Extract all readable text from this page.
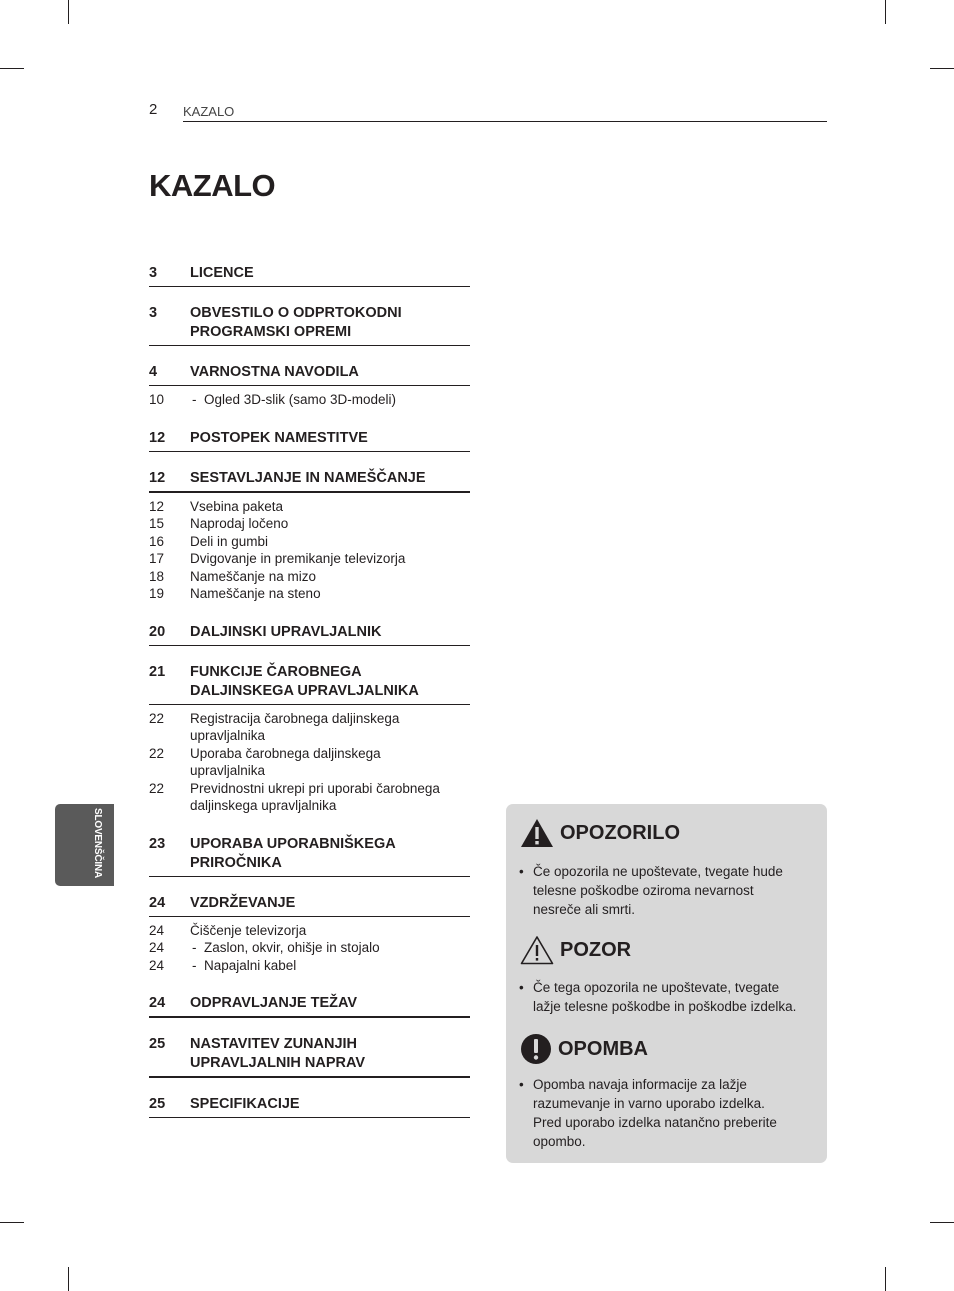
2 KAZALO
KAZALO
3	LICENCE
3	OBVESTILO O ODPRTOKODNI
PROGRAMSKI OPREMI
4	VARNOSTNA NAVODILA
10	- Ogled 3D-slik (samo 3D-modeli)
12	POSTOPEK NAMESTITVE
12	SESTAVLJANJE IN NAMEŠČANJE
12	Vsebina paketa
15	Naprodaj ločeno
16	Deli in gumbi
17	Dvigovanje in premikanje televizorja
18	Nameščanje na mizo
19	Nameščanje na steno
20	DALJINSKI UPRAVLJALNIK
21	FUNKCIJE ČAROBNEGA
DALJINSKEGA UPRAVLJALNIKA
22	Registracija čarobnega daljinskega
upravljalnika
22	Uporaba čarobnega daljinskega
upravljalnika
22	Previdnostni ukrepi pri uporabi čarobnega
daljinskega upravljalnika
23	UPORABA UPORABNIŠKEGA
PRIROČNIKA
24	VZDRŽEVANJE
24	Čiščenje televizorja
24	- Zaslon, okvir, ohišje in stojalo
24	- Napajalni kabel
24	ODPRAVLJANJE TEŽAV
25	NASTAVITEV ZUNANJIH
UPRAVLJALNIH NAPRAV
25	SPECIFIKACIJE
SLOVENŠČINA	OPOZORILO
• Če opozorila ne upoštevate, tvegate hude
telesne poškodbe oziroma nevarnost
nesreče ali smrti.
POZOR
• Če tega opozorila ne upoštevate, tvegate
lažje telesne poškodbe in poškodbe izdelka.
OPOMBA
• Opomba navaja informacije za lažje
razumevanje in varno uporabo izdelka.
Pred uporabo izdelka natančno preberite
opombo.
